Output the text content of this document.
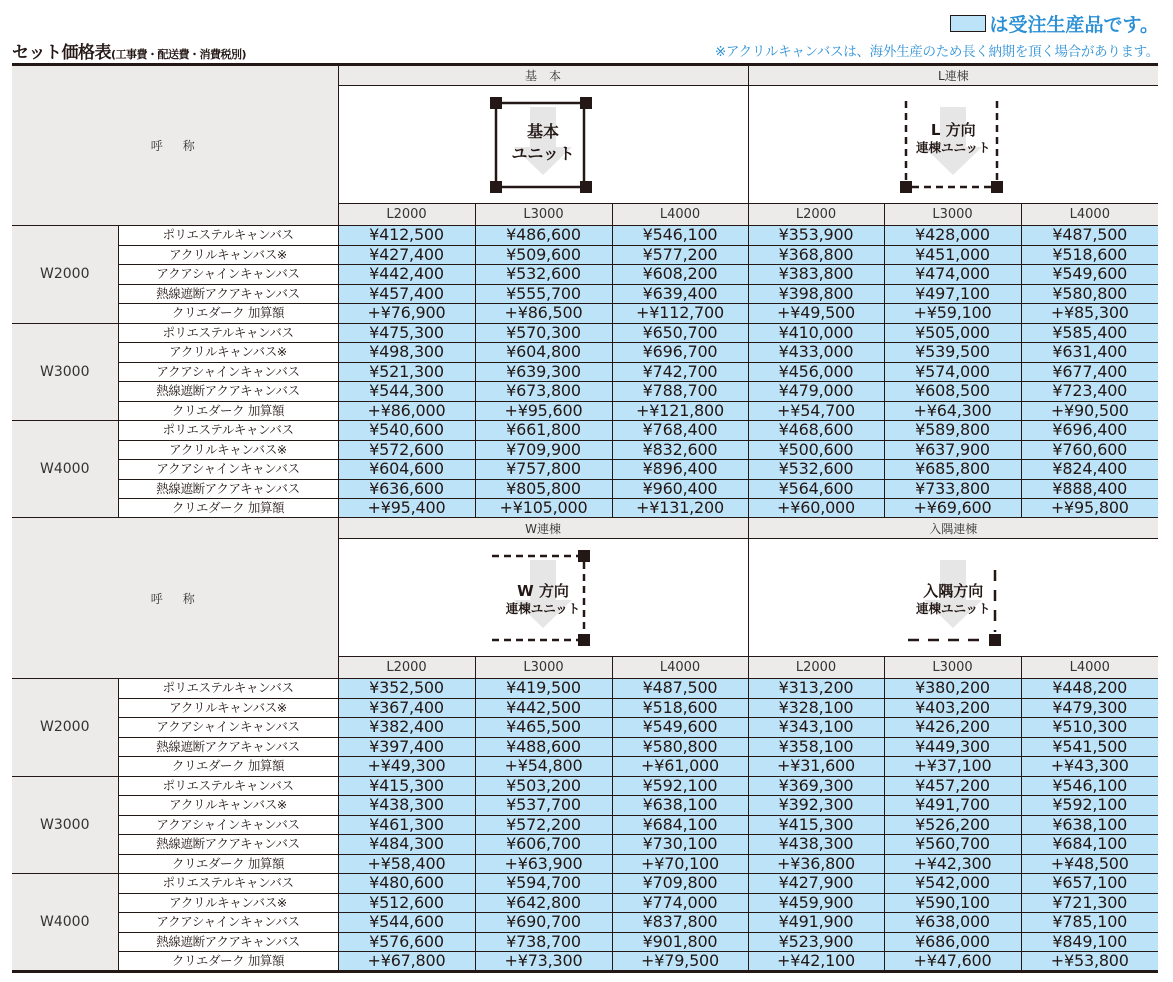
セット価格表(工事費・配送費・消費税別)
は受注生産品です。
※アクリルキャンバスは、海外生産のため長く納期を頂く場合があります。
呼　称		基　本			L連棟		

基本
ユニット

L 方向
連棟ユニット

		L2000	L3000	L4000	L2000	L3000	L4000
W2000	ポリエステルキャンバス	¥412,500	¥486,600	¥546,100	¥353,900	¥428,000	¥487,500
	アクリルキャンバス※	¥427,400	¥509,600	¥577,200	¥368,800	¥451,000	¥518,600
	アクアシャインキャンバス	¥442,400	¥532,600	¥608,200	¥383,800	¥474,000	¥549,600
	熱線遮断アクアキャンバス	¥457,400	¥555,700	¥639,400	¥398,800	¥497,100	¥580,800
	クリエダーク 加算額	+¥76,900	+¥86,500	+¥112,700	+¥49,500	+¥59,100	+¥85,300
W3000	ポリエステルキャンバス	¥475,300	¥570,300	¥650,700	¥410,000	¥505,000	¥585,400
	アクリルキャンバス※	¥498,300	¥604,800	¥696,700	¥433,000	¥539,500	¥631,400
	アクアシャインキャンバス	¥521,300	¥639,300	¥742,700	¥456,000	¥574,000	¥677,400
	熱線遮断アクアキャンバス	¥544,300	¥673,800	¥788,700	¥479,000	¥608,500	¥723,400
	クリエダーク 加算額	+¥86,000	+¥95,600	+¥121,800	+¥54,700	+¥64,300	+¥90,500
W4000	ポリエステルキャンバス	¥540,600	¥661,800	¥768,400	¥468,600	¥589,800	¥696,400
	アクリルキャンバス※	¥572,600	¥709,900	¥832,600	¥500,600	¥637,900	¥760,600
	アクアシャインキャンバス	¥604,600	¥757,800	¥896,400	¥532,600	¥685,800	¥824,400
	熱線遮断アクアキャンバス	¥636,600	¥805,800	¥960,400	¥564,600	¥733,800	¥888,400
	クリエダーク 加算額	+¥95,400	+¥105,000	+¥131,200	+¥60,000	+¥69,600	+¥95,800
呼　称		W連棟			入隅連棟		

W 方向
連棟ユニット

入隅方向
連棟ユニット

		L2000	L3000	L4000	L2000	L3000	L4000
W2000	ポリエステルキャンバス	¥352,500	¥419,500	¥487,500	¥313,200	¥380,200	¥448,200
	アクリルキャンバス※	¥367,400	¥442,500	¥518,600	¥328,100	¥403,200	¥479,300
	アクアシャインキャンバス	¥382,400	¥465,500	¥549,600	¥343,100	¥426,200	¥510,300
	熱線遮断アクアキャンバス	¥397,400	¥488,600	¥580,800	¥358,100	¥449,300	¥541,500
	クリエダーク 加算額	+¥49,300	+¥54,800	+¥61,000	+¥31,600	+¥37,100	+¥43,300
W3000	ポリエステルキャンバス	¥415,300	¥503,200	¥592,100	¥369,300	¥457,200	¥546,100
	アクリルキャンバス※	¥438,300	¥537,700	¥638,100	¥392,300	¥491,700	¥592,100
	アクアシャインキャンバス	¥461,300	¥572,200	¥684,100	¥415,300	¥526,200	¥638,100
	熱線遮断アクアキャンバス	¥484,300	¥606,700	¥730,100	¥438,300	¥560,700	¥684,100
	クリエダーク 加算額	+¥58,400	+¥63,900	+¥70,100	+¥36,800	+¥42,300	+¥48,500
W4000	ポリエステルキャンバス	¥480,600	¥594,700	¥709,800	¥427,900	¥542,000	¥657,100
	アクリルキャンバス※	¥512,600	¥642,800	¥774,000	¥459,900	¥590,100	¥721,300
	アクアシャインキャンバス	¥544,600	¥690,700	¥837,800	¥491,900	¥638,000	¥785,100
	熱線遮断アクアキャンバス	¥576,600	¥738,700	¥901,800	¥523,900	¥686,000	¥849,100
	クリエダーク 加算額	+¥67,800	+¥73,300	+¥79,500	+¥42,100	+¥47,600	+¥53,800
